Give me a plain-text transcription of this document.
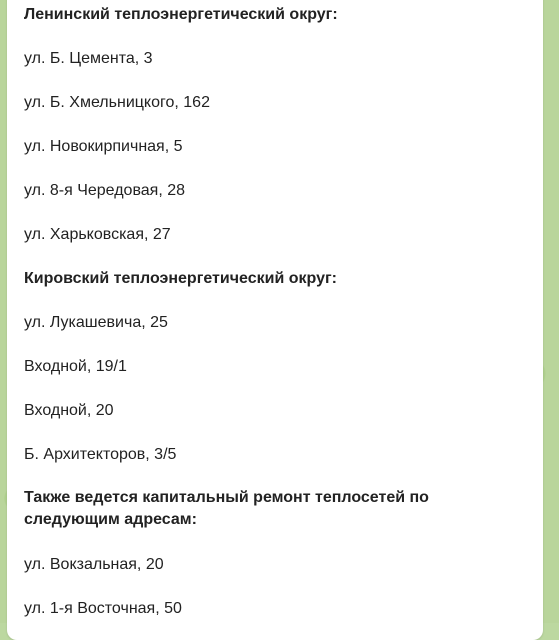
Ленинский теплоэнергетический округ:
ул. Б. Цемента, 3
ул. Б. Хмельницкого, 162
ул. Новокирпичная, 5
ул. 8-я Чередовая, 28
ул. Харьковская, 27
Кировский теплоэнергетический округ:
ул. Лукашевича, 25
Входной, 19/1
Входной, 20
Б. Архитекторов, 3/5
Также ведется капитальный ремонт теплосетей по следующим адресам:
ул. Вокзальная, 20
ул. 1-я Восточная, 50
